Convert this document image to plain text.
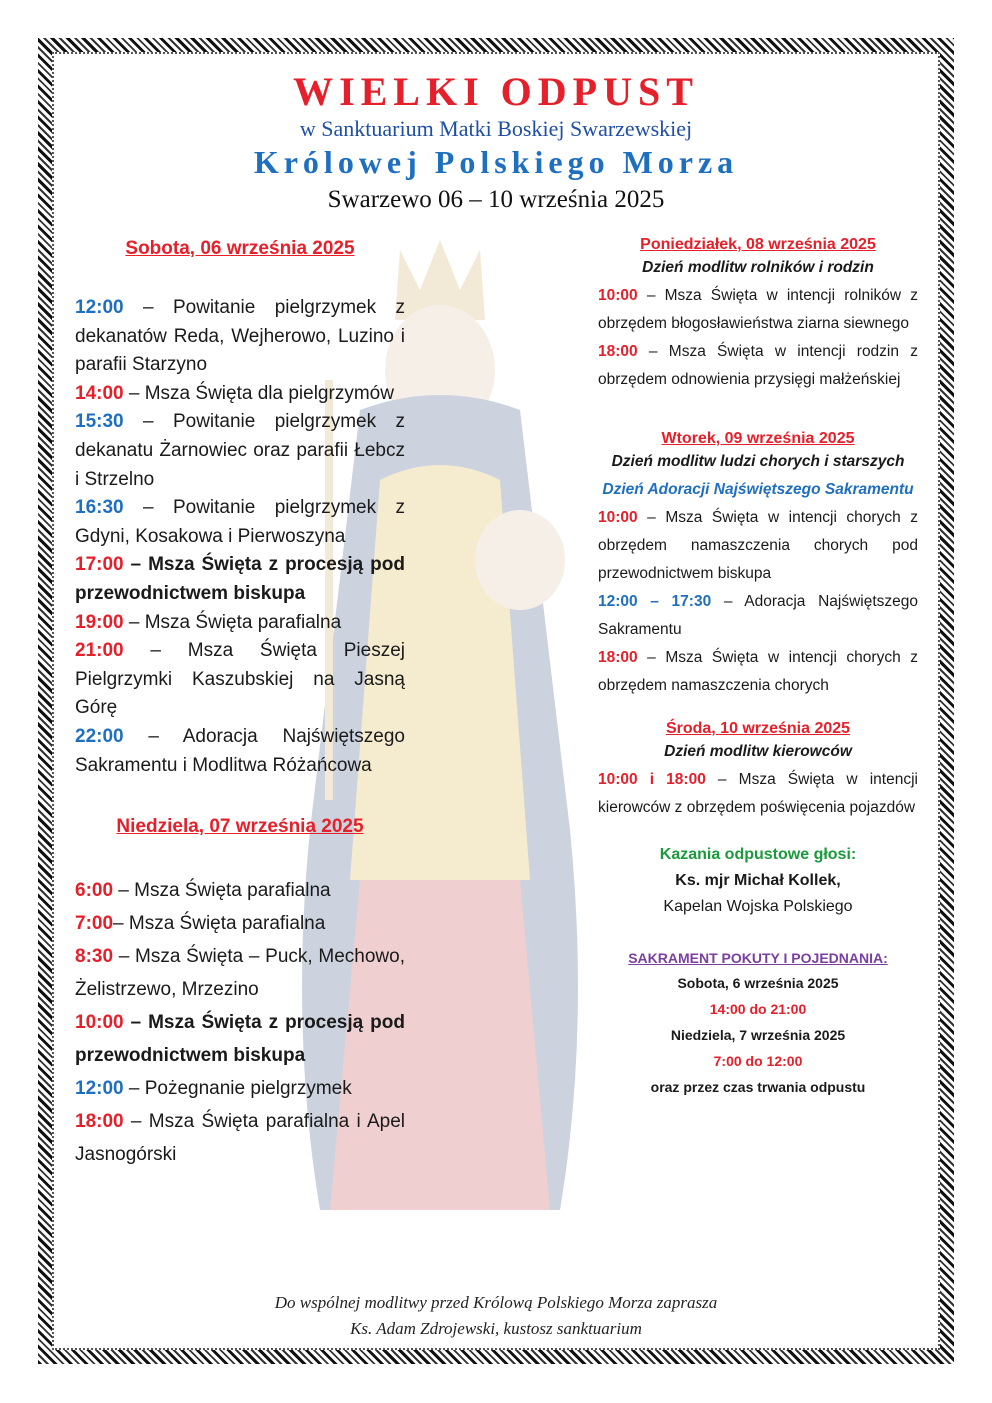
WIELKI ODPUST
w Sanktuarium Matki Boskiej Swarzewskiej
Królowej Polskiego Morza
Swarzewo 06 – 10 września 2025
Sobota, 06 września 2025
12:00 – Powitanie pielgrzymek z dekanatów Reda, Wejherowo, Luzino i parafii Starzyno
14:00 – Msza Święta dla pielgrzymów
15:30 – Powitanie pielgrzymek z dekanatu Żarnowiec oraz parafii Łebcz i Strzelno
16:30 – Powitanie pielgrzymek z Gdyni, Kosakowa i Pierwoszyna
17:00 – Msza Święta z procesją pod przewodnictwem biskupa
19:00 – Msza Święta parafialna
21:00 – Msza Święta Pieszej Pielgrzymki Kaszubskiej na Jasną Górę
22:00 – Adoracja Najświętszego Sakramentu i Modlitwa Różańcowa
Niedziela, 07 września 2025
6:00 – Msza Święta parafialna
7:00– Msza Święta parafialna
8:30 – Msza Święta – Puck, Mechowo, Żelistrzewo, Mrzezino
10:00 – Msza Święta z procesją pod przewodnictwem biskupa
12:00 – Pożegnanie pielgrzymek
18:00 – Msza Święta parafialna i Apel Jasnogórski
Poniedziałek, 08 września 2025
Dzień modlitw rolników i rodzin
10:00 – Msza Święta w intencji rolników z obrzędem błogosławieństwa ziarna siewnego
18:00 – Msza Święta w intencji rodzin z obrzędem odnowienia przysięgi małżeńskiej
Wtorek, 09 września 2025
Dzień modlitw ludzi chorych i starszych
Dzień Adoracji Najświętszego Sakramentu
10:00 – Msza Święta w intencji chorych z obrzędem namaszczenia chorych pod przewodnictwem biskupa
12:00 – 17:30 – Adoracja Najświętszego Sakramentu
18:00 – Msza Święta w intencji chorych z obrzędem namaszczenia chorych
Środa, 10 września 2025
Dzień modlitw kierowców
10:00 i 18:00 – Msza Święta w intencji kierowców z obrzędem poświęcenia pojazdów
Kazania odpustowe głosi:
Ks. mjr Michał Kollek,
Kapelan Wojska Polskiego
SAKRAMENT POKUTY I POJEDNANIA:
Sobota, 6 września 2025
14:00 do 21:00
Niedziela, 7 września 2025
7:00 do 12:00
oraz przez czas trwania odpustu
Do wspólnej modlitwy przed Królową Polskiego Morza zaprasza
Ks. Adam Zdrojewski, kustosz sanktuarium
